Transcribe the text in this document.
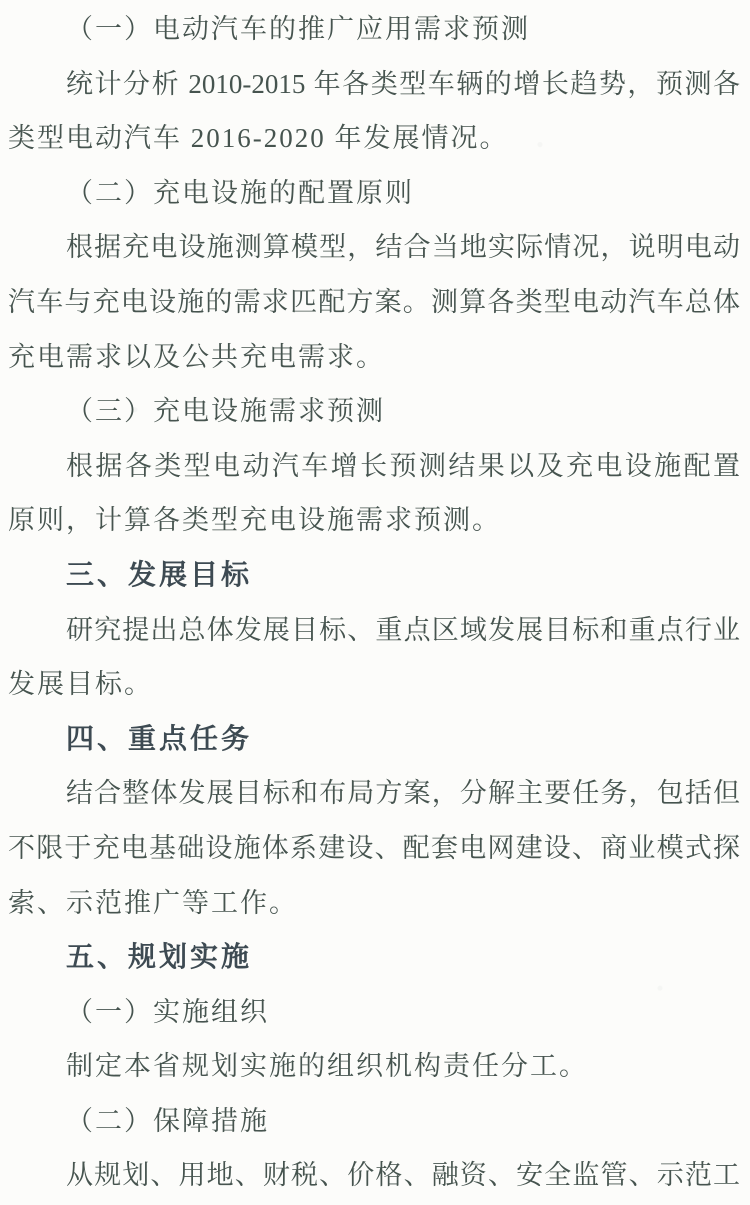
（一）电动汽车的推广应用需求预测
统计分析 2010-2015 年各类型车辆的增长趋势，预测各
类型电动汽车 2016-2020 年发展情况。
（二）充电设施的配置原则
根据充电设施测算模型，结合当地实际情况，说明电动
汽车与充电设施的需求匹配方案。测算各类型电动汽车总体
充电需求以及公共充电需求。
（三）充电设施需求预测
根据各类型电动汽车增长预测结果以及充电设施配置
原则，计算各类型充电设施需求预测。
三、发展目标
研究提出总体发展目标、重点区域发展目标和重点行业
发展目标。
四、重点任务
结合整体发展目标和布局方案，分解主要任务，包括但
不限于充电基础设施体系建设、配套电网建设、商业模式探
索、示范推广等工作。
五、规划实施
（一）实施组织
制定本省规划实施的组织机构责任分工。
（二）保障措施
从规划、用地、财税、价格、融资、安全监管、示范工
